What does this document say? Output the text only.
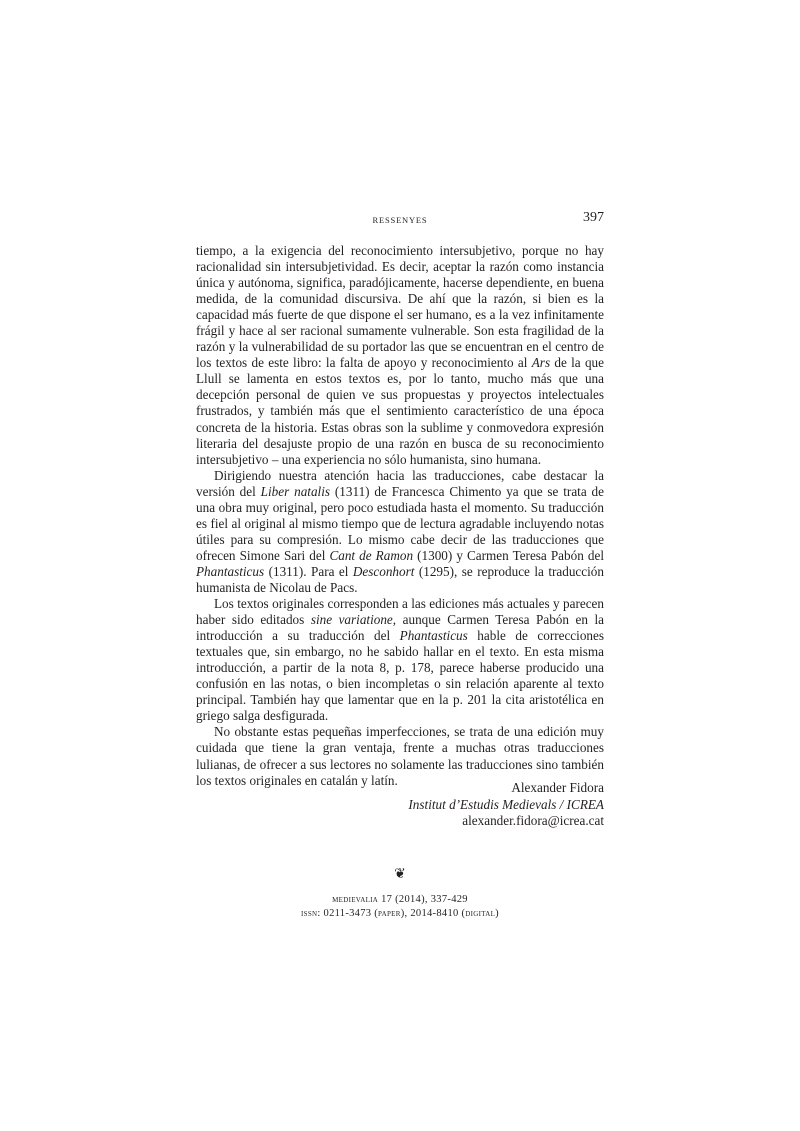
RESSENYES	397

tiempo, a la exigencia del reconocimiento intersubjetivo, porque no hay racionalidad sin intersubjetividad. Es decir, aceptar la razón como instancia única y autónoma, significa, paradójicamente, hacerse dependiente, en buena medida, de la comunidad discursiva. De ahí que la razón, si bien es la capacidad más fuerte de que dispone el ser humano, es a la vez infinitamente frágil y hace al ser racional sumamente vulnerable. Son esta fragilidad de la razón y la vulnerabilidad de su portador las que se encuentran en el centro de los textos de este libro: la falta de apoyo y reconocimiento al Ars de la que Llull se lamenta en estos textos es, por lo tanto, mucho más que una decepción personal de quien ve sus propuestas y proyectos intelectuales frustrados, y también más que el sentimiento característico de una época concreta de la historia. Estas obras son la sublime y conmovedora expresión literaria del desajuste propio de una razón en busca de su reconocimiento intersubjetivo – una experiencia no sólo humanista, sino humana.

Dirigiendo nuestra atención hacia las traducciones, cabe destacar la versión del Liber natalis (1311) de Francesca Chimento ya que se trata de una obra muy original, pero poco estudiada hasta el momento. Su traducción es fiel al original al mismo tiempo que de lectura agradable incluyendo notas útiles para su compresión. Lo mismo cabe decir de las traducciones que ofrecen Simone Sari del Cant de Ramon (1300) y Carmen Teresa Pabón del Phantasticus (1311). Para el Desconhort (1295), se reproduce la traducción humanista de Nicolau de Pacs.

Los textos originales corresponden a las ediciones más actuales y parecen haber sido editados sine variatione, aunque Carmen Teresa Pabón en la introducción a su traducción del Phantasticus hable de correcciones textuales que, sin embargo, no he sabido hallar en el texto. En esta misma introducción, a partir de la nota 8, p. 178, parece haberse producido una confusión en las notas, o bien incompletas o sin relación aparente al texto principal. También hay que lamentar que en la p. 201 la cita aristotélica en griego salga desfigurada.

No obstante estas pequeñas imperfecciones, se trata de una edición muy cuidada que tiene la gran ventaja, frente a muchas otras traducciones lulianas, de ofrecer a sus lectores no solamente las traducciones sino también los textos originales en catalán y latín.	Alexander Fidora
Institut d’Estudis Medievals / ICREA
alexander.fidora@icrea.cat
❦
medievalia 17 (2014), 337-429
issn: 0211-3473 (paper), 2014-8410 (digital)
